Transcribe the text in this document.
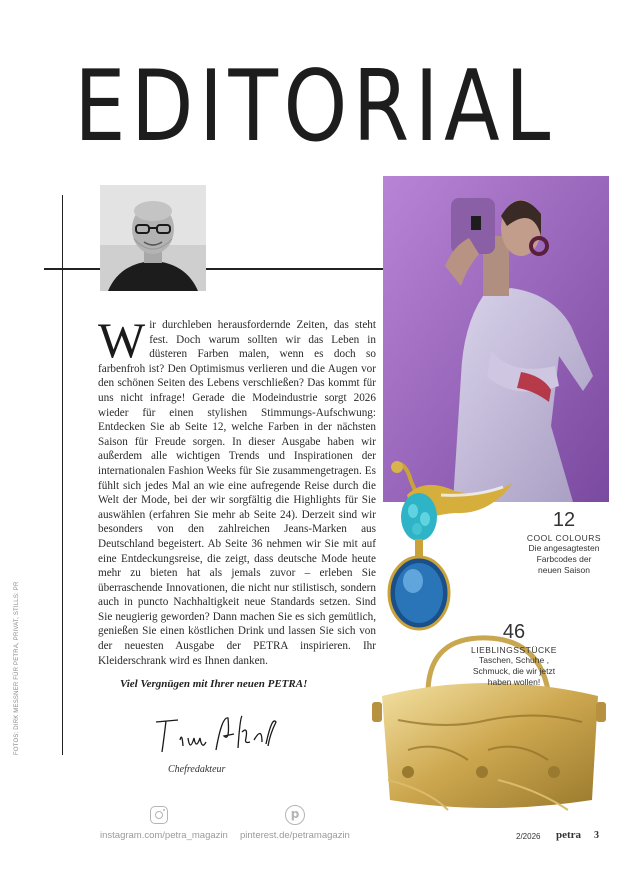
EDITORIAL
Wir durchleben herausfordernde Zeiten, das steht fest. Doch warum sollten wir das Leben in düsteren Farben malen, wenn es doch so farbenfroh ist? Den Optimismus verlieren und die Augen vor den schönen Seiten des Lebens verschließen? Das kommt für uns nicht infrage! Gerade die Modeindustrie sorgt 2026 wieder für einen stylishen Stimmungs-Aufschwung: Entdecken Sie ab Seite 12, welche Farben in der nächsten Saison für Freude sorgen. In dieser Ausgabe haben wir außerdem alle wichtigen Trends und Inspirationen der internationalen Fashion Weeks für Sie zusammengetragen. Es fühlt sich jedes Mal an wie eine aufregende Reise durch die Welt der Mode, bei der wir sorgfältig die Highlights für Sie auswählen (erfahren Sie mehr ab Seite 24). Derzeit sind wir besonders von den zahlreichen Jeans-Marken aus Deutschland begeistert. Ab Seite 36 nehmen wir Sie mit auf eine Entdeckungsreise, die zeigt, dass deutsche Mode heute mehr zu bieten hat als jemals zuvor – erleben Sie überraschende Innovationen, die nicht nur stilistisch, sondern auch in puncto Nachhaltigkeit neue Standards setzen. Sind Sie neugierig geworden? Dann machen Sie es sich gemütlich, genießen Sie einen köstlichen Drink und lassen Sie sich von der neuesten Ausgabe der PETRA inspirieren. Ihr Kleiderschrank wird es Ihnen danken.
Viel Vergnügen mit Ihrer neuen PETRA!
Chefredakteur
FOTOS: DIRK MESSNER FÜR PETRA, PRIVAT, STILLS: PR
12
COOL COLOURS
Die angesagtesten
Farbcodes der
neuen Saison
46
LIEBLINGSSTÜCKE
Taschen, Schuhe ,
Schmuck, die wir jetzt
haben wollen!
p
instagram.com/petra_magazin pinterest.de/petramagazin	2/2026 petra 3
